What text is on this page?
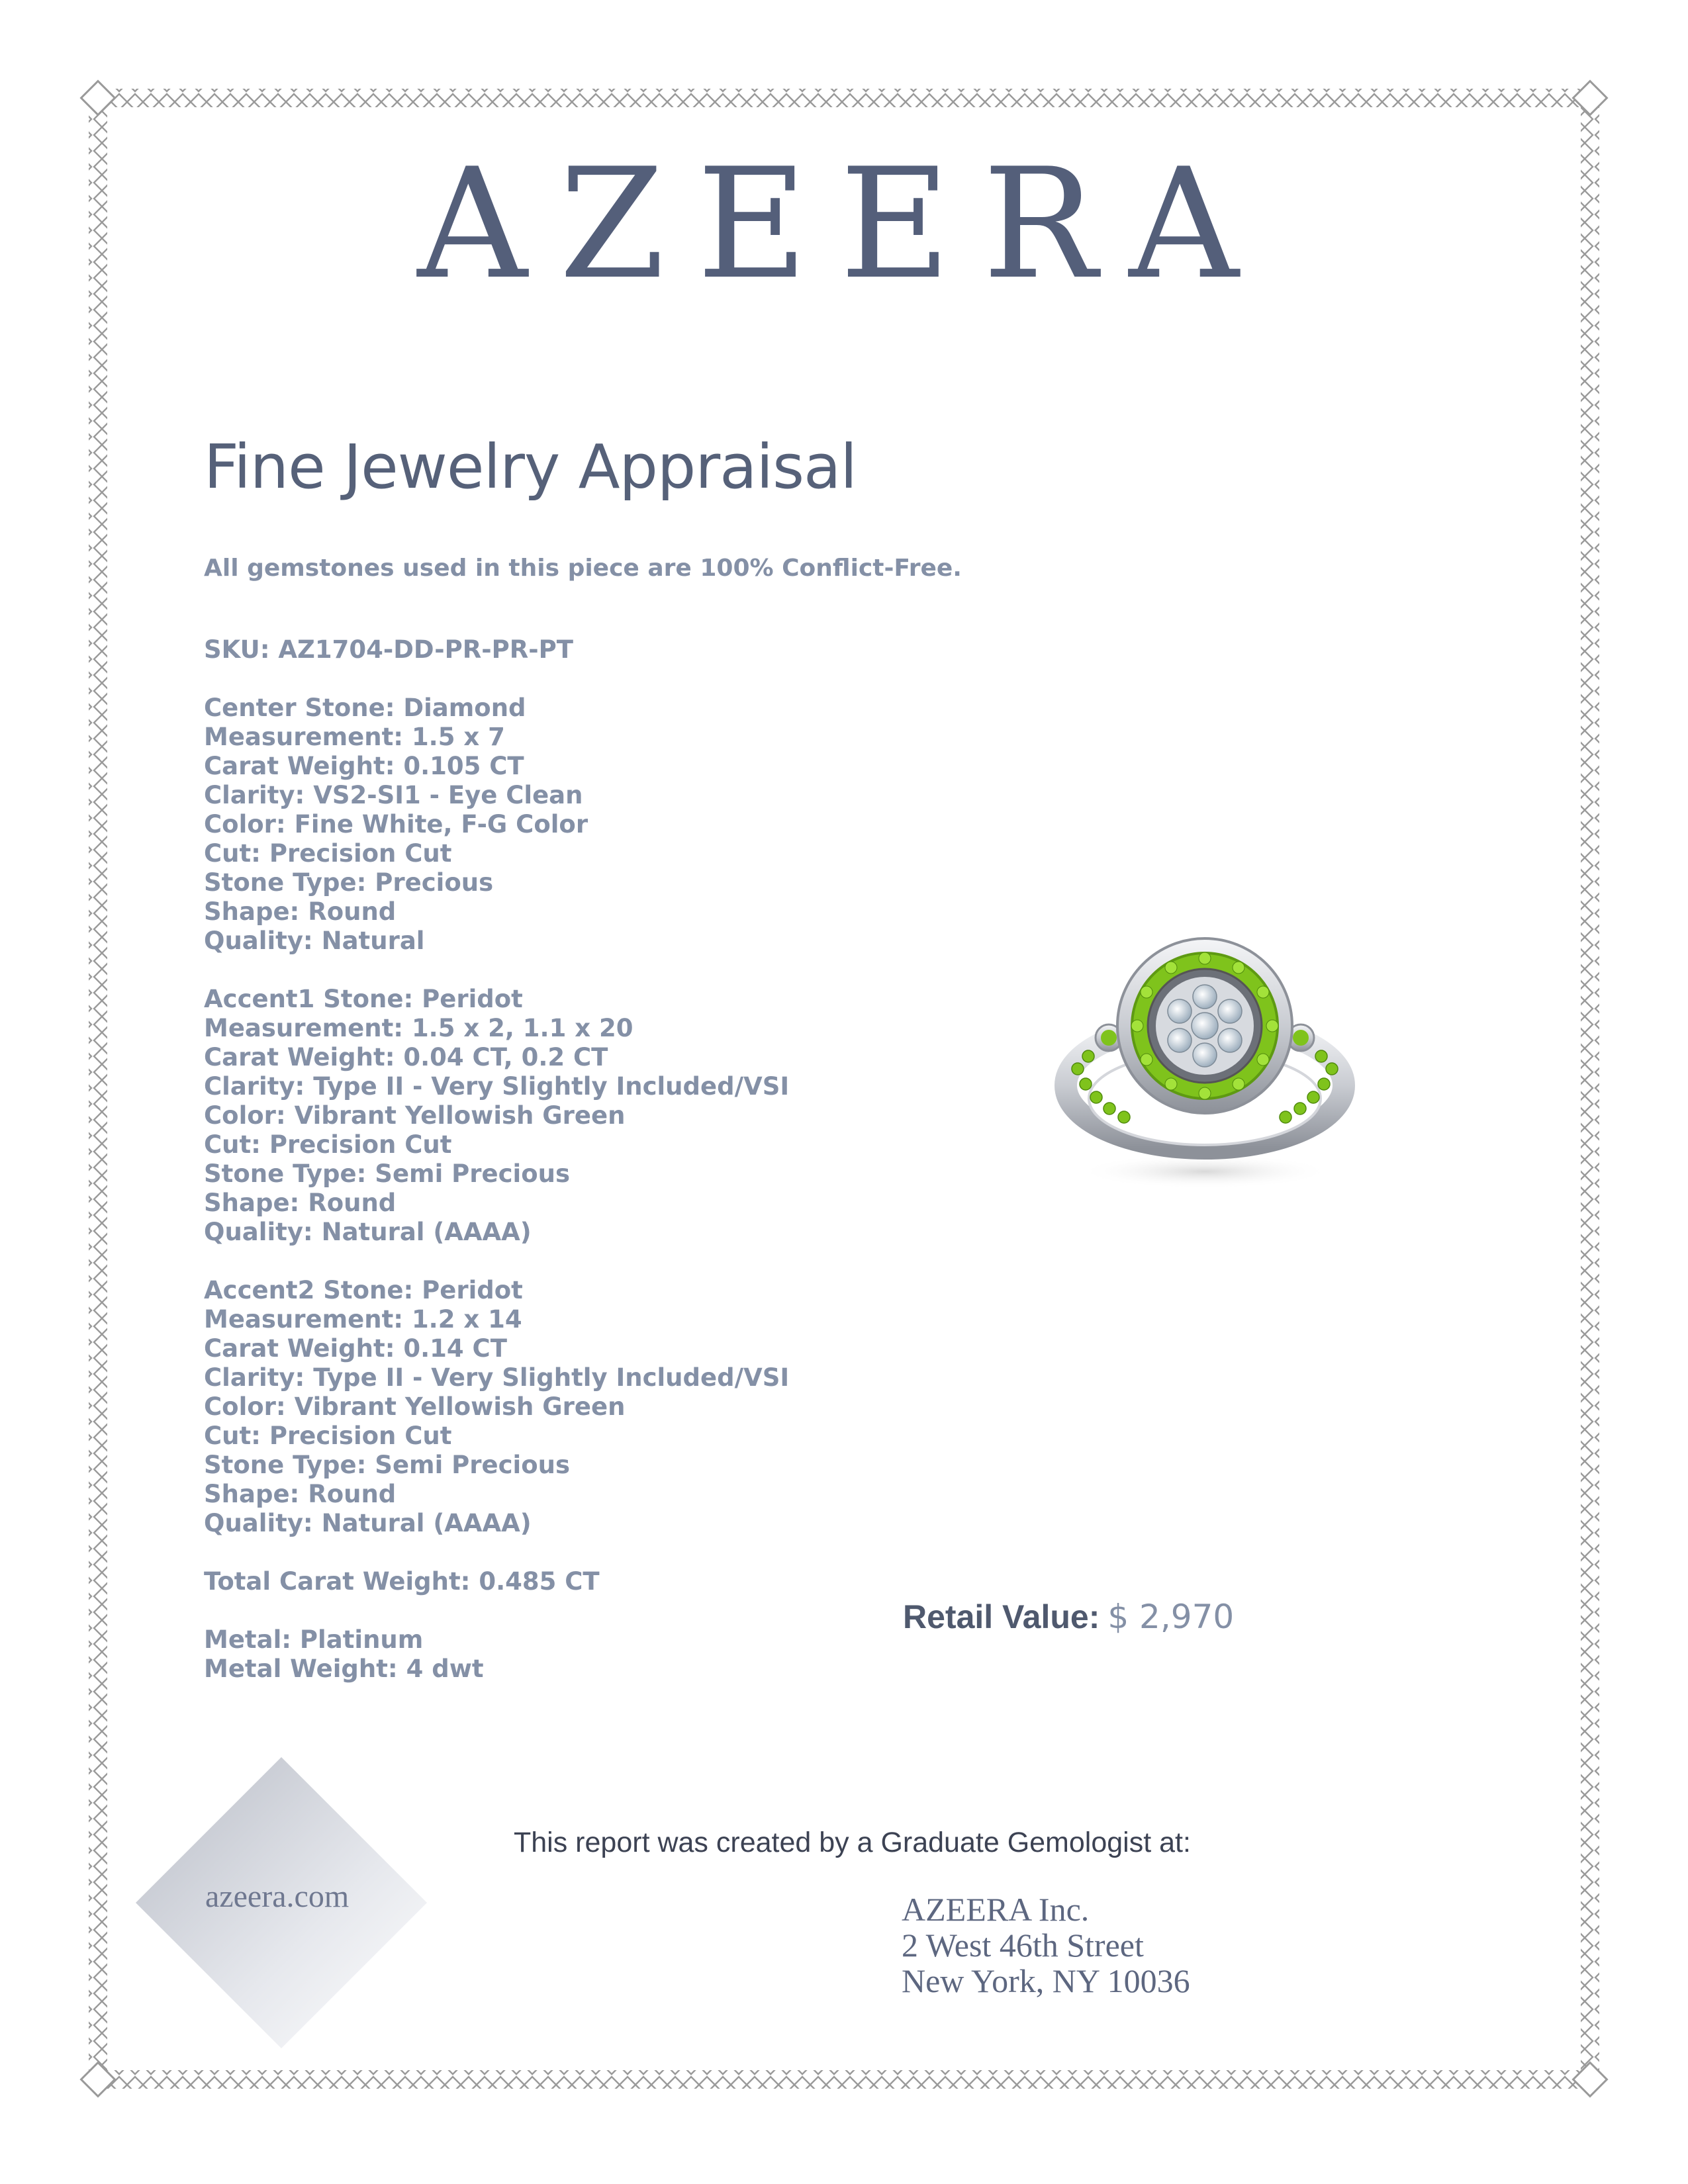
AZEERA
Fine Jewelry Appraisal
All gemstones used in this piece are 100% Conflict-Free.
SKU: AZ1704-DD-PR-PR-PT
Center Stone: Diamond
Measurement: 1.5 x 7
Carat Weight: 0.105 CT
Clarity: VS2-SI1 - Eye Clean
Color: Fine White, F-G Color
Cut: Precision Cut
Stone Type: Precious
Shape: Round
Quality: Natural
Accent1 Stone: Peridot
Measurement: 1.5 x 2, 1.1 x 20
Carat Weight: 0.04 CT, 0.2 CT
Clarity: Type II - Very Slightly Included/VSI
Color: Vibrant Yellowish Green
Cut: Precision Cut
Stone Type: Semi Precious
Shape: Round
Quality: Natural (AAAA)
Accent2 Stone: Peridot
Measurement: 1.2 x 14
Carat Weight: 0.14 CT
Clarity: Type II - Very Slightly Included/VSI
Color: Vibrant Yellowish Green
Cut: Precision Cut
Stone Type: Semi Precious
Shape: Round
Quality: Natural (AAAA)
Total Carat Weight: 0.485 CT
Metal: Platinum
Metal Weight: 4 dwt
Retail Value: $ 2,970
azeera.com
This report was created by a Graduate Gemologist at:
AZEERA Inc.
2 West 46th Street
New York, NY 10036
